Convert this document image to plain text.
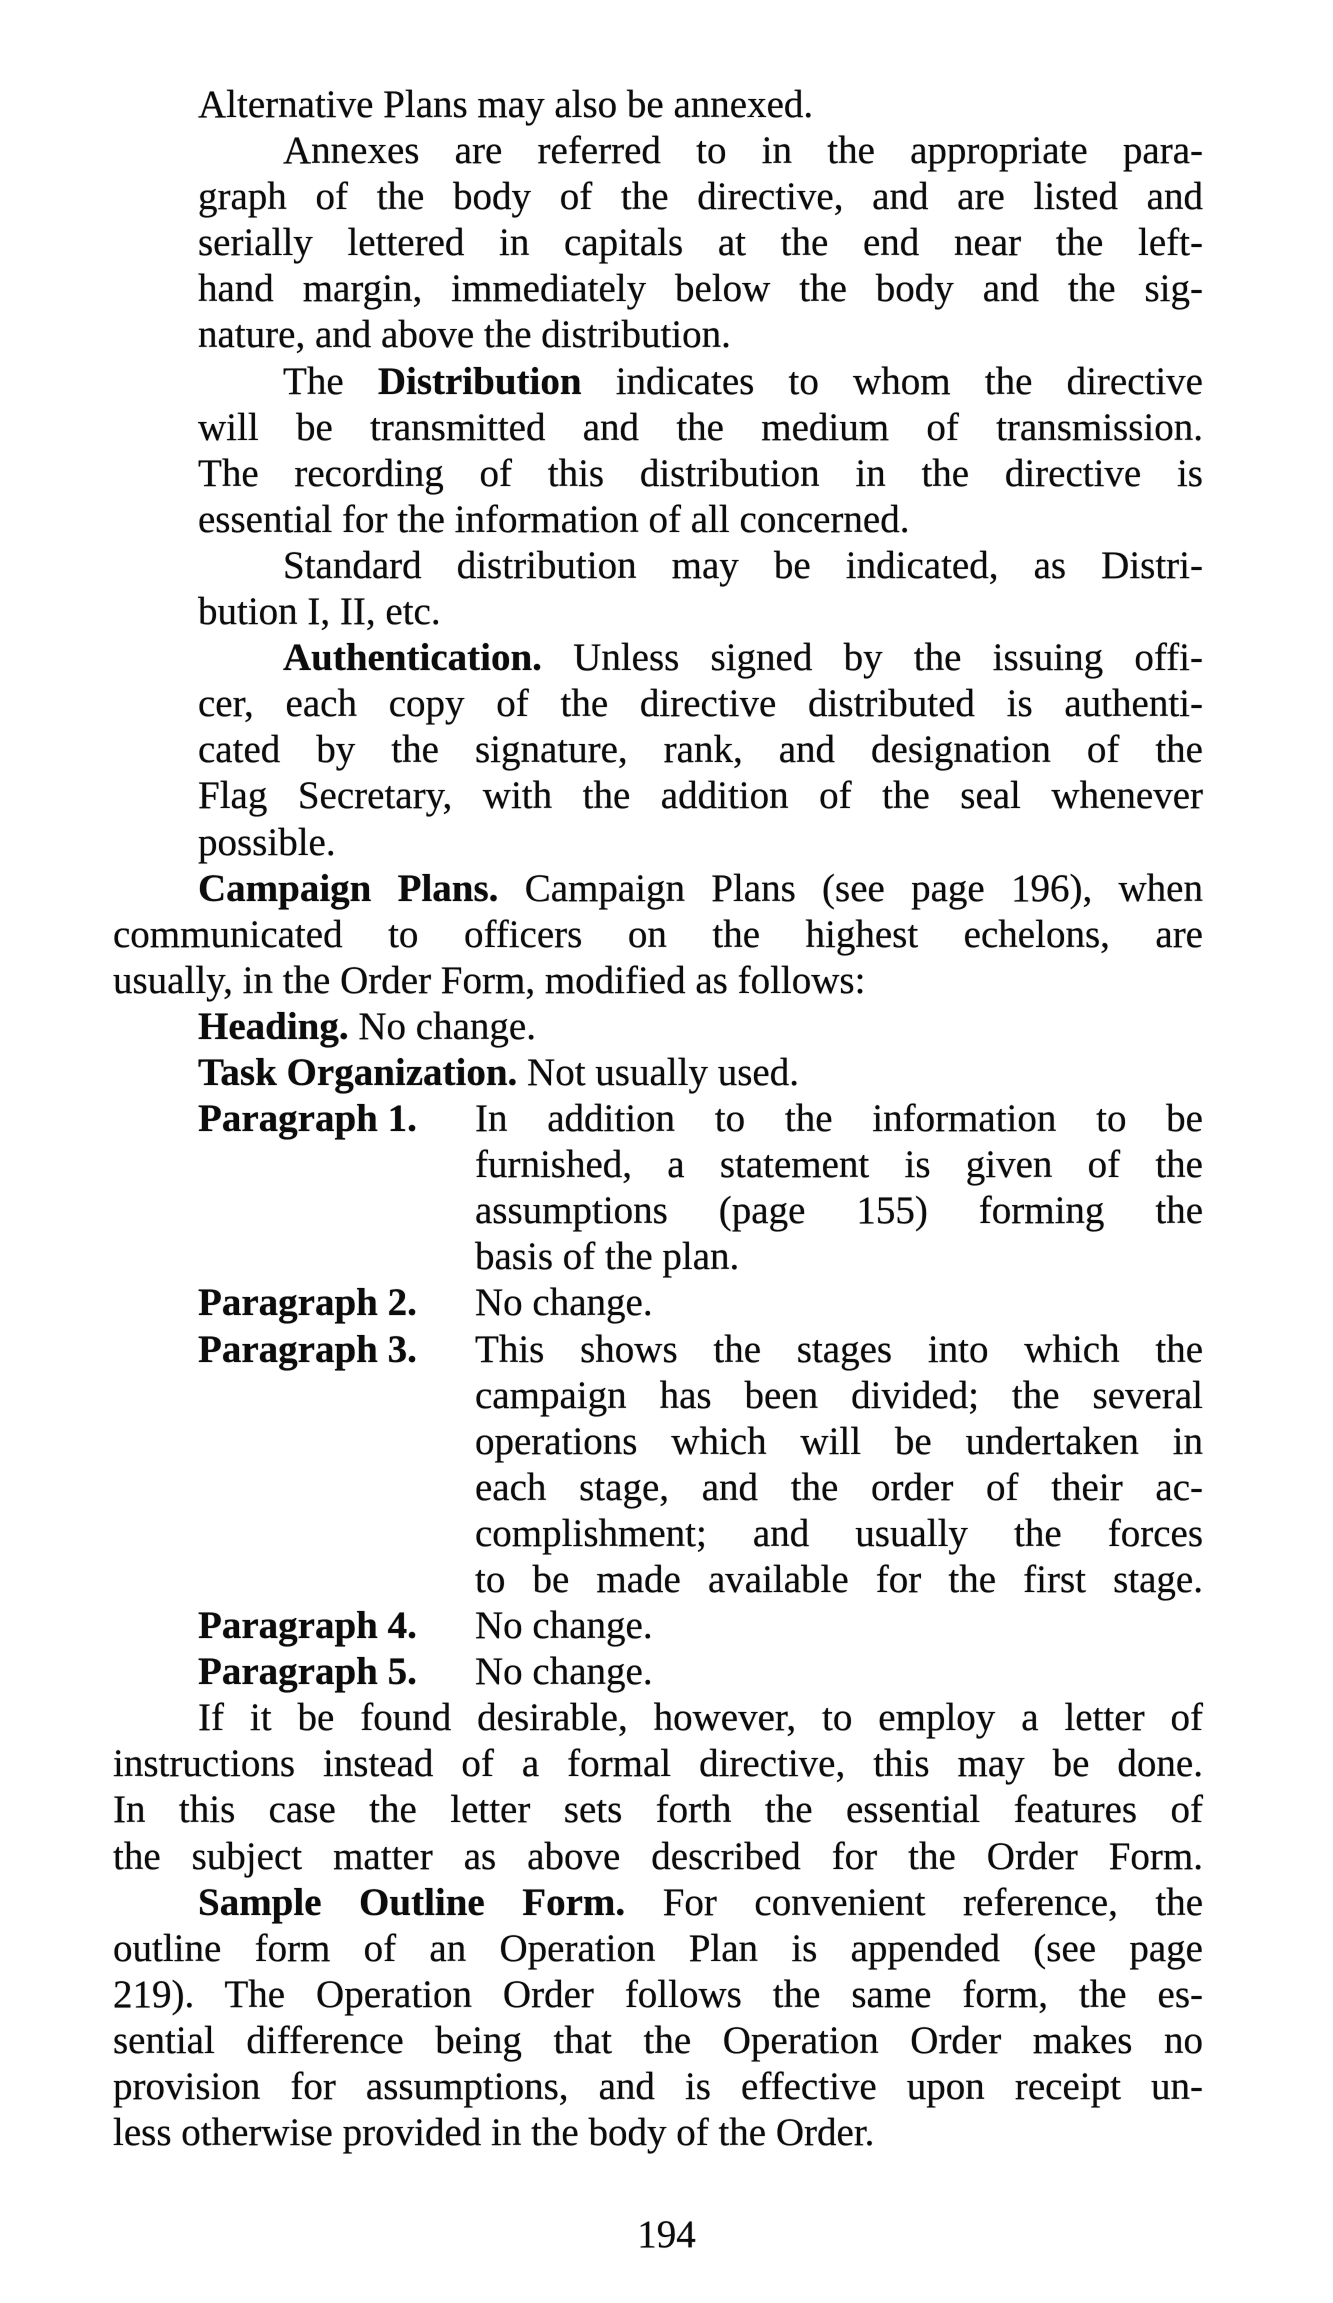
Alternative Plans may also be annexed.
Annexes are referred to in the appropriate para-
graph of the body of the directive, and are listed and
serially lettered in capitals at the end near the left-
hand margin, immediately below the body and the sig-
nature, and above the distribution.
The Distribution indicates to whom the directive
will be transmitted and the medium of transmission.
The recording of this distribution in the directive is
essential for the information of all concerned.
Standard distribution may be indicated, as Distri-
bution I, II, etc.
Authentication. Unless signed by the issuing offi-
cer, each copy of the directive distributed is authenti-
cated by the signature, rank, and designation of the
Flag Secretary, with the addition of the seal whenever
possible.
Campaign Plans. Campaign Plans (see page 196), when
communicated to officers on the highest echelons, are
usually, in the Order Form, modified as follows:
Heading. No change.
Task Organization. Not usually used.
Paragraph 1. In addition to the information to be
furnished, a statement is given of the
assumptions (page 155) forming the
basis of the plan.
Paragraph 2. No change.
Paragraph 3. This shows the stages into which the
campaign has been divided; the several
operations which will be undertaken in
each stage, and the order of their ac-
complishment; and usually the forces
to be made available for the first stage.
Paragraph 4. No change.
Paragraph 5. No change.
If it be found desirable, however, to employ a letter of
instructions instead of a formal directive, this may be done.
In this case the letter sets forth the essential features of
the subject matter as above described for the Order Form.
Sample Outline Form. For convenient reference, the
outline form of an Operation Plan is appended (see page
219). The Operation Order follows the same form, the es-
sential difference being that the Operation Order makes no
provision for assumptions, and is effective upon receipt un-
less otherwise provided in the body of the Order.
194
